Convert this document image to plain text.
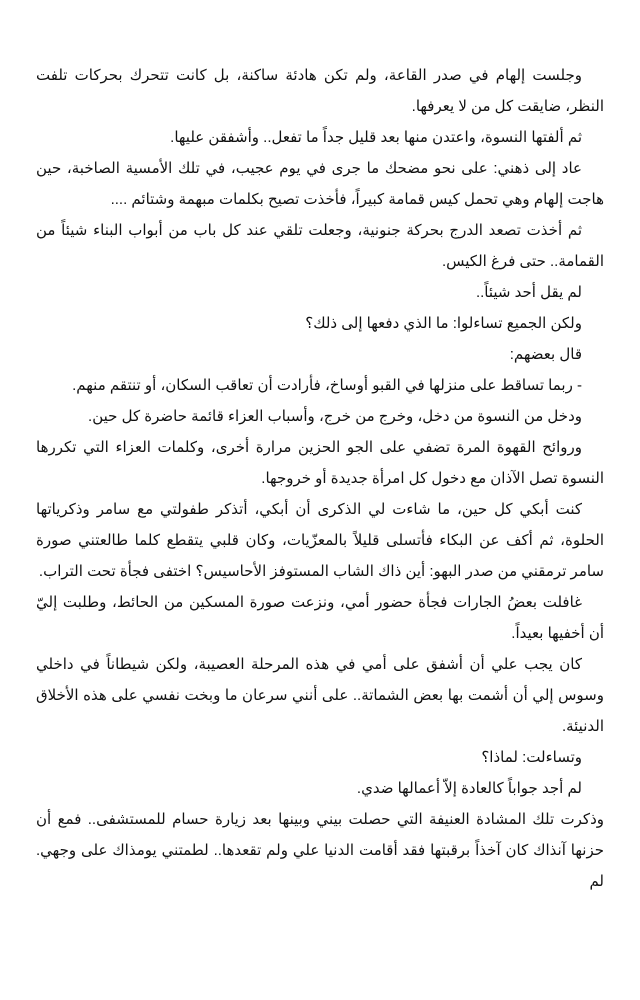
وجلست إلهام في صدر القاعة، ولم تكن هادئة ساكنة، بل كانت تتحرك بحركات تلفت النظر، ضايقت كل من لا يعرفها.

ثم ألفتها النسوة، واعتدن منها بعد قليل جداً ما تفعل.. وأشفقن عليها.

عاد إلى ذهني: على نحو مضحك ما جرى في يوم عجيب، في تلك الأمسية الصاخبة، حين هاجت إلهام وهي تحمل كيس قمامة كبيراً، فأخذت تصيح بكلمات مبهمة وشتائم ....

ثم أخذت تصعد الدرج بحركة جنونية، وجعلت تلقي عند كل باب من أبواب البناء شيئاً من القمامة.. حتى فرغ الكيس.

لم يقل أحد شيئاً..

ولكن الجميع تساءلوا: ما الذي دفعها إلى ذلك؟

قال بعضهم:

- ربما تساقط على منزلها في القبو أوساخ، فأرادت أن تعاقب السكان، أو تنتقم منهم.

ودخل من النسوة من دخل، وخرج من خرج، وأسباب العزاء قائمة حاضرة كل حين.

وروائح القهوة المرة تضفي على الجو الحزين مرارة أخرى، وكلمات العزاء التي تكررها النسوة تصل الآذان مع دخول كل امرأة جديدة أو خروجها.

كنت أبكي كل حين، ما شاءت لي الذكرى أن أبكي، أتذكر طفولتي مع سامر وذكرياتها الحلوة، ثم أكف عن البكاء فأتسلى قليلاً بالمعزّيات، وكان قلبي يتقطع كلما طالعتني صورة سامر ترمقني من صدر البهو: أين ذاك الشاب المستوفز الأحاسيس؟ اختفى فجأة تحت التراب.

غافلت بعضُ الجارات فجأة حضور أمي، ونزعت صورة المسكين من الحائط، وطلبت إليّ أن أخفيها بعيداً.

كان يجب علي أن أشفق على أمي في هذه المرحلة العصيبة، ولكن شيطاناً في داخلي وسوس إلي أن أشمت بها بعض الشماتة.. على أنني سرعان ما وبخت نفسي على هذه الأخلاق الدنيئة.

وتساءلت: لماذا؟

لم أجد جواباً كالعادة إلاّ أعمالها ضدي.

وذكرت تلك المشادة العنيفة التي حصلت بيني وبينها بعد زيارة حسام للمستشفى.. فمع أن حزنها آنذاك كان آخذاً برقبتها فقد أقامت الدنيا علي ولم تقعدها.. لطمتني يومذاك على وجهي. لم
